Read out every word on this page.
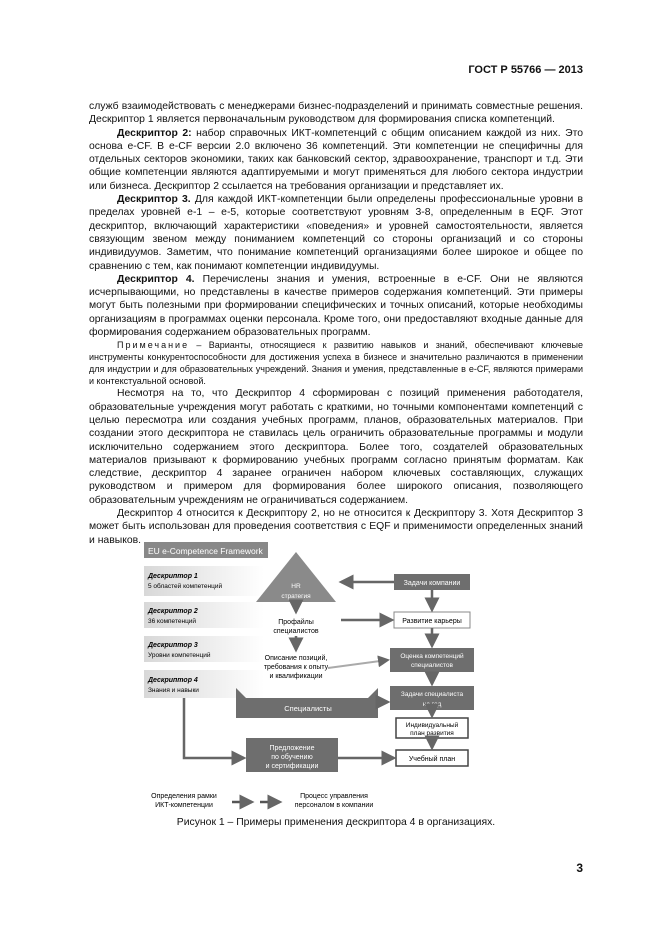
ГОСТ Р 55766 — 2013

служб взаимодействовать с менеджерами бизнес-подразделений и принимать совместные решения. Дескриптор 1 является первоначальным руководством для формирования списка компетенций.

Дескриптор 2: набор справочных ИКТ-компетенций с общим описанием каждой из них. Это основа e-CF. В e-CF версии 2.0 включено 36 компетенций. Эти компетенции не специфичны для отдельных секторов экономики, таких как банковский сектор, здравоохранение, транспорт и т.д. Эти общие компетенции являются адаптируемыми и могут применяться для любого сектора индустрии или бизнеса. Дескриптор 2 ссылается на требования организации и представляет их.

Дескриптор 3. Для каждой ИКТ-компетенции были определены профессиональные уровни в пределах уровней e-1 – e-5, которые соответствуют уровням 3-8, определенным в EQF. Этот дескриптор, включающий характеристики «поведения» и уровней самостоятельности, является связующим звеном между пониманием компетенций со стороны организаций и со стороны индивидуумов. Заметим, что понимание компетенций организациями более широкое и общее по сравнению с тем, как понимают компетенции индивидуумы.

Дескриптор 4. Перечислены знания и умения, встроенные в e-CF. Они не являются исчерпывающими, но представлены в качестве примеров содержания компетенций. Эти примеры могут быть полезными при формировании специфических и точных описаний, которые необходимы организациям в программах оценки персонала. Кроме того, они предоставляют входные данные для формирования содержанием образовательных программ.

Примечание – Варианты, относящиеся к развитию навыков и знаний, обеспечивают ключевые инструменты конкурентоспособности для достижения успеха в бизнесе и значительно различаются в применении для индустрии и для образовательных учреждений. Знания и умения, представленные в e-CF, являются примерами и контекстуальной основой.

Несмотря на то, что Дескриптор 4 сформирован с позиций применения работодателя, образовательные учреждения могут работать с краткими, но точными компонентами компетенций с целью пересмотра или создания учебных программ, планов, образовательных материалов. При создании этого дескриптора не ставилась цель ограничить образовательные программы и модули исключительно содержанием этого дескриптора. Более того, создателей образовательных материалов призывают к формированию учебных программ согласно принятым форматам. Как следствие, дескриптор 4 заранее ограничен набором ключевых составляющих, служащих руководством и примером для формирования более широкого описания, позволяющего образовательным учреждениям не ограничиваться содержанием.

Дескриптор 4 относится к Дескриптору 2, но не относится к Дескриптору 3. Хотя Дескриптор 3 может быть использован для проведения соответствия с EQF и применимости определенных знаний и навыков.

EU e-Competence Framework
Дескриптор 1
5 областей компетенций
Дескриптор 2
36 компетенций
Дескриптор 3
Уровни компетенций
Дескриптор 4
Знания и навыки
HR
стратегия
Профайлы
специалистов
Описание позиций,
требования к опыту
и квалификации
Специалисты
Предложение
по обучению
и сертификации
Задачи компании
Развитие карьеры
Оценка компетенций
специалистов
Задачи специалиста
на год
Индивидуальный
план развития
Учебный план
Определения рамки
ИКТ-компетенции
Процесс управления
персоналом в компании
Рисунок 1 – Примеры применения дескриптора 4 в организациях.
3
